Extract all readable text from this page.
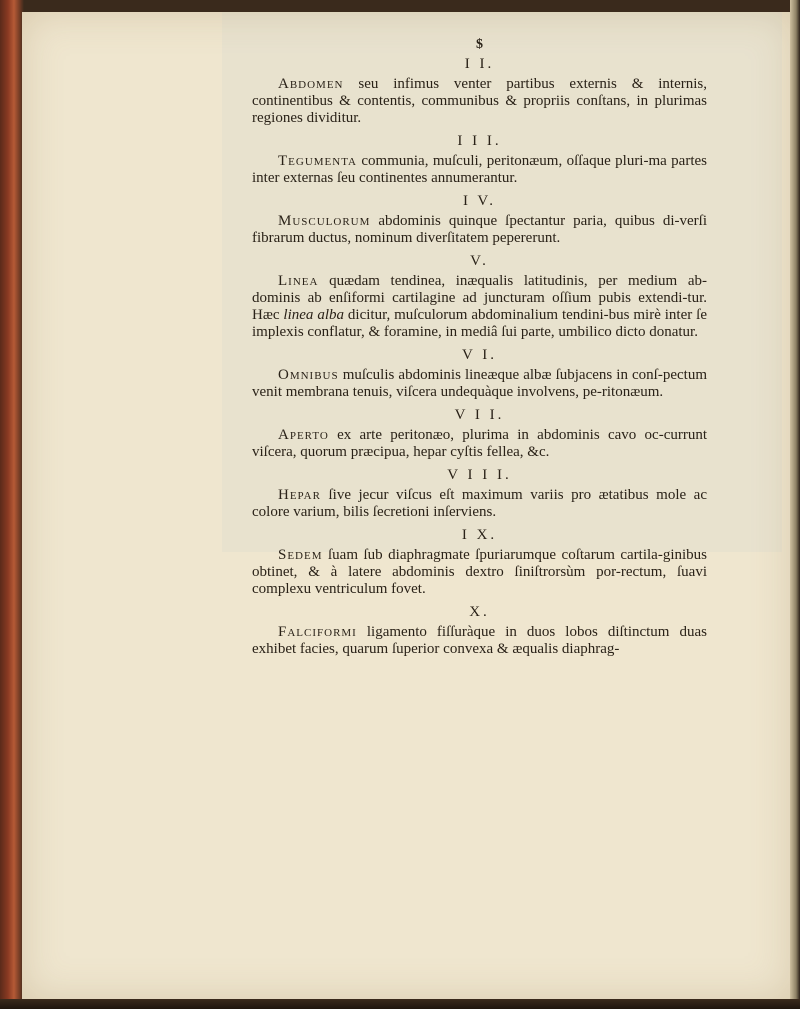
$
I I.

Abdomen seu infimus venter partibus externis & internis, continentibus & contentis, communibus & propriis conſtans, in plurimas regiones dividitur.

I I I.

Tegumenta communia, muſculi, peritonæum, oſſaque pluri-ma partes inter externas ſeu continentes annumerantur.

I V.

Musculorum abdominis quinque ſpectantur paria, quibus di-verſi fibrarum ductus, nominum diverſitatem pepererunt.

V.

Linea quædam tendinea, inæqualis latitudinis, per medium ab-dominis ab enſiformi cartilagine ad juncturam oſſium pubis extendi-tur. Hæc linea alba dicitur, muſculorum abdominalium tendini-bus mirè inter ſe implexis conflatur, & foramine, in mediâ ſui parte, umbilico dicto donatur.

V I.

Omnibus muſculis abdominis lineæque albæ ſubjacens in conſ-pectum venit membrana tenuis, viſcera undequàque involvens, pe-ritonæum.

V I I.

Aperto ex arte peritonæo, plurima in abdominis cavo oc-currunt viſcera, quorum præcipua, hepar cyſtis fellea, &c.

V I I I.

Hepar ſive jecur viſcus eſt maximum variis pro ætatibus mole ac colore varium, bilis ſecretioni inſerviens.

I X.

Sedem ſuam ſub diaphragmate ſpuriarumque coſtarum cartila-ginibus obtinet, & à latere abdominis dextro ſiniſtrorsùm por-rectum, ſuavi complexu ventriculum fovet.

X.

Falciformi ligamento fiſſuràque in duos lobos diſtinctum duas exhibet facies, quarum ſuperior convexa & æqualis diaphrag-
